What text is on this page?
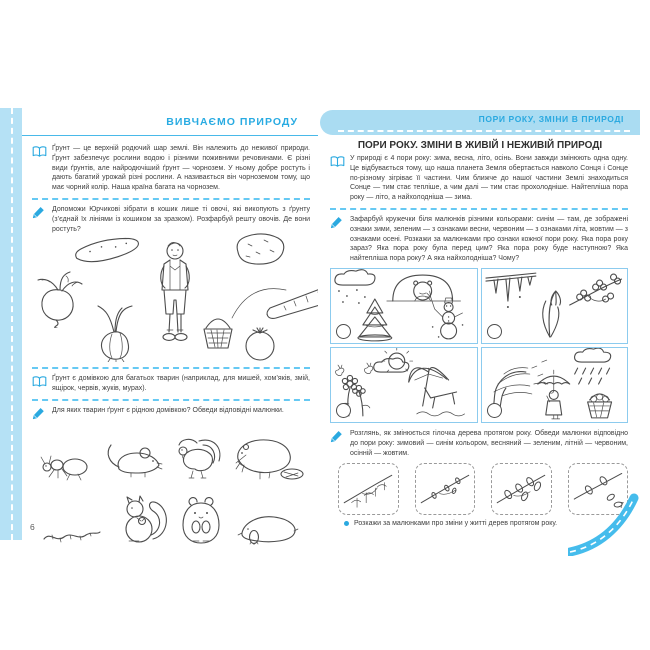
ВИВЧАЄМО ПРИРОДУ
Ґрунт — це верхній родючий шар землі. Він належить до неживої природи. Ґрунт забезпечує рослини водою і різними поживними речовинами. Є різні види ґрунтів, але найродючіший ґрунт — чорнозем. У ньому добре ростуть і дають багатий урожай різні рослини. А називається він чорноземом тому, що має чорний колір. Наша країна багата на чорнозем.
Допоможи Юрчикові зібрати в кошик лише ті овочі, які викопують з ґрунту (з’єднай їх лініями із кошиком за зразком). Розфарбуй решту овочів. Де вони ростуть?
Ґрунт є домівкою для багатьох тварин (наприклад, для мишей, хом’яків, змій, ящірок, червів, жуків, мурах).
Для яких тварин ґрунт є рідною домівкою? Обведи відповідні малюнки.
6
ПОРИ РОКУ, ЗМІНИ В ПРИРОДІ
ПОРИ РОКУ. ЗМІНИ В ЖИВІЙ І НЕЖИВІЙ ПРИРОДІ
У природі є 4 пори року: зима, весна, літо, осінь. Вони завжди змінюють одна одну. Це відбувається тому, що наша планета Земля обертається навколо Сонця і Сонце по-різному зігріває її частини. Чим ближче до нашої частини Землі знаходиться Сонце — тим стає тепліше, а чим далі — тим стає прохолодніше. Найтепліша пора року — літо, а найхолодніша — зима.
Зафарбуй кружечки біля малюнків різними кольорами: синім — там, де зображені ознаки зими, зеленим — з ознаками весни, червоним — з ознаками літа, жовтим — з ознаками осені. Розкажи за малюнками про ознаки кожної пори року. Яка пора року зараз? Яка пора року була перед цим? Яка пора року буде наступною? Яка найтепліша пора року? А яка найхолодніша? Чому?
Розглянь, як змінюється гілочка дерева протягом року. Обведи малюнки відповідно до пори року: зимовий — синім кольором, весняний — зеленим, літній — червоним, осінній — жовтим.
Розкажи за малюнками про зміни у житті дерев протягом року.
7
